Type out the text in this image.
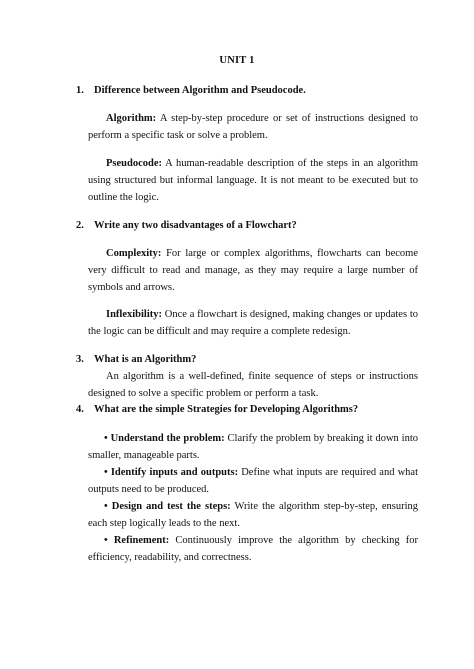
UNIT 1
1. Difference between Algorithm and Pseudocode.
Algorithm: A step-by-step procedure or set of instructions designed to perform a specific task or solve a problem.
Pseudocode: A human-readable description of the steps in an algorithm using structured but informal language. It is not meant to be executed but to outline the logic.
2. Write any two disadvantages of a Flowchart?
Complexity: For large or complex algorithms, flowcharts can become very difficult to read and manage, as they may require a large number of symbols and arrows.
Inflexibility: Once a flowchart is designed, making changes or updates to the logic can be difficult and may require a complete redesign.
3. What is an Algorithm?
An algorithm is a well-defined, finite sequence of steps or instructions designed to solve a specific problem or perform a task.
4. What are the simple Strategies for Developing Algorithms?
• Understand the problem: Clarify the problem by breaking it down into smaller, manageable parts.
• Identify inputs and outputs: Define what inputs are required and what outputs need to be produced.
• Design and test the steps: Write the algorithm step-by-step, ensuring each step logically leads to the next.
• Refinement: Continuously improve the algorithm by checking for efficiency, readability, and correctness.
